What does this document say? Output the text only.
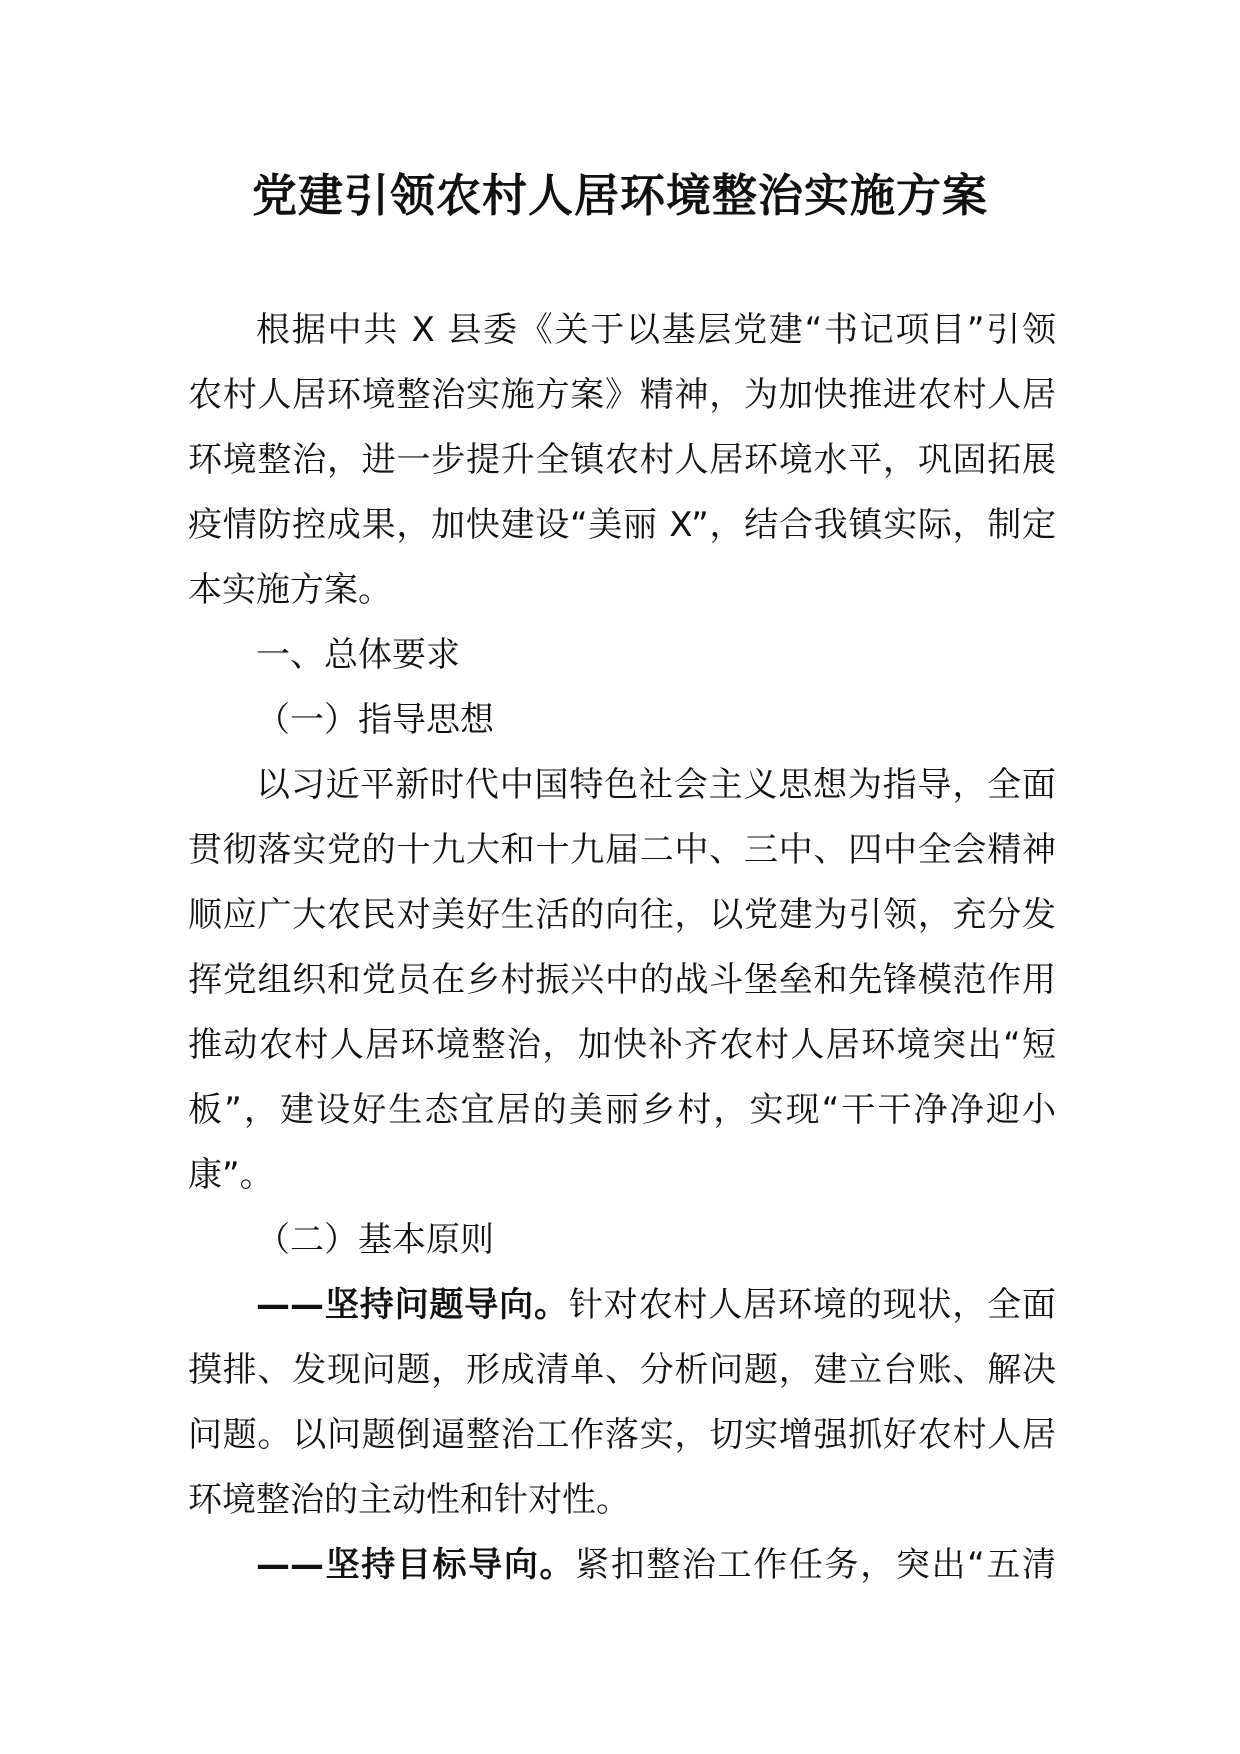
党建引领农村人居环境整治实施方案
根据中共 X 县委《关于以基层党建“书记项目”引领
农村人居环境整治实施方案》精神，为加快推进农村人居
环境整治，进一步提升全镇农村人居环境水平，巩固拓展
疫情防控成果，加快建设“美丽 X”，结合我镇实际，制定
本实施方案。
一、总体要求
（一）指导思想
以习近平新时代中国特色社会主义思想为指导，全面
贯彻落实党的十九大和十九届二中、三中、四中全会精神
顺应广大农民对美好生活的向往，以党建为引领，充分发
挥党组织和党员在乡村振兴中的战斗堡垒和先锋模范作用
推动农村人居环境整治，加快补齐农村人居环境突出“短
板”，建设好生态宜居的美丽乡村，实现“干干净净迎小
康”。
（二）基本原则
——坚持问题导向。针对农村人居环境的现状，全面
摸排、发现问题，形成清单、分析问题，建立台账、解决
问题。以问题倒逼整治工作落实，切实增强抓好农村人居
环境整治的主动性和针对性。
——坚持目标导向。紧扣整治工作任务，突出“五清
